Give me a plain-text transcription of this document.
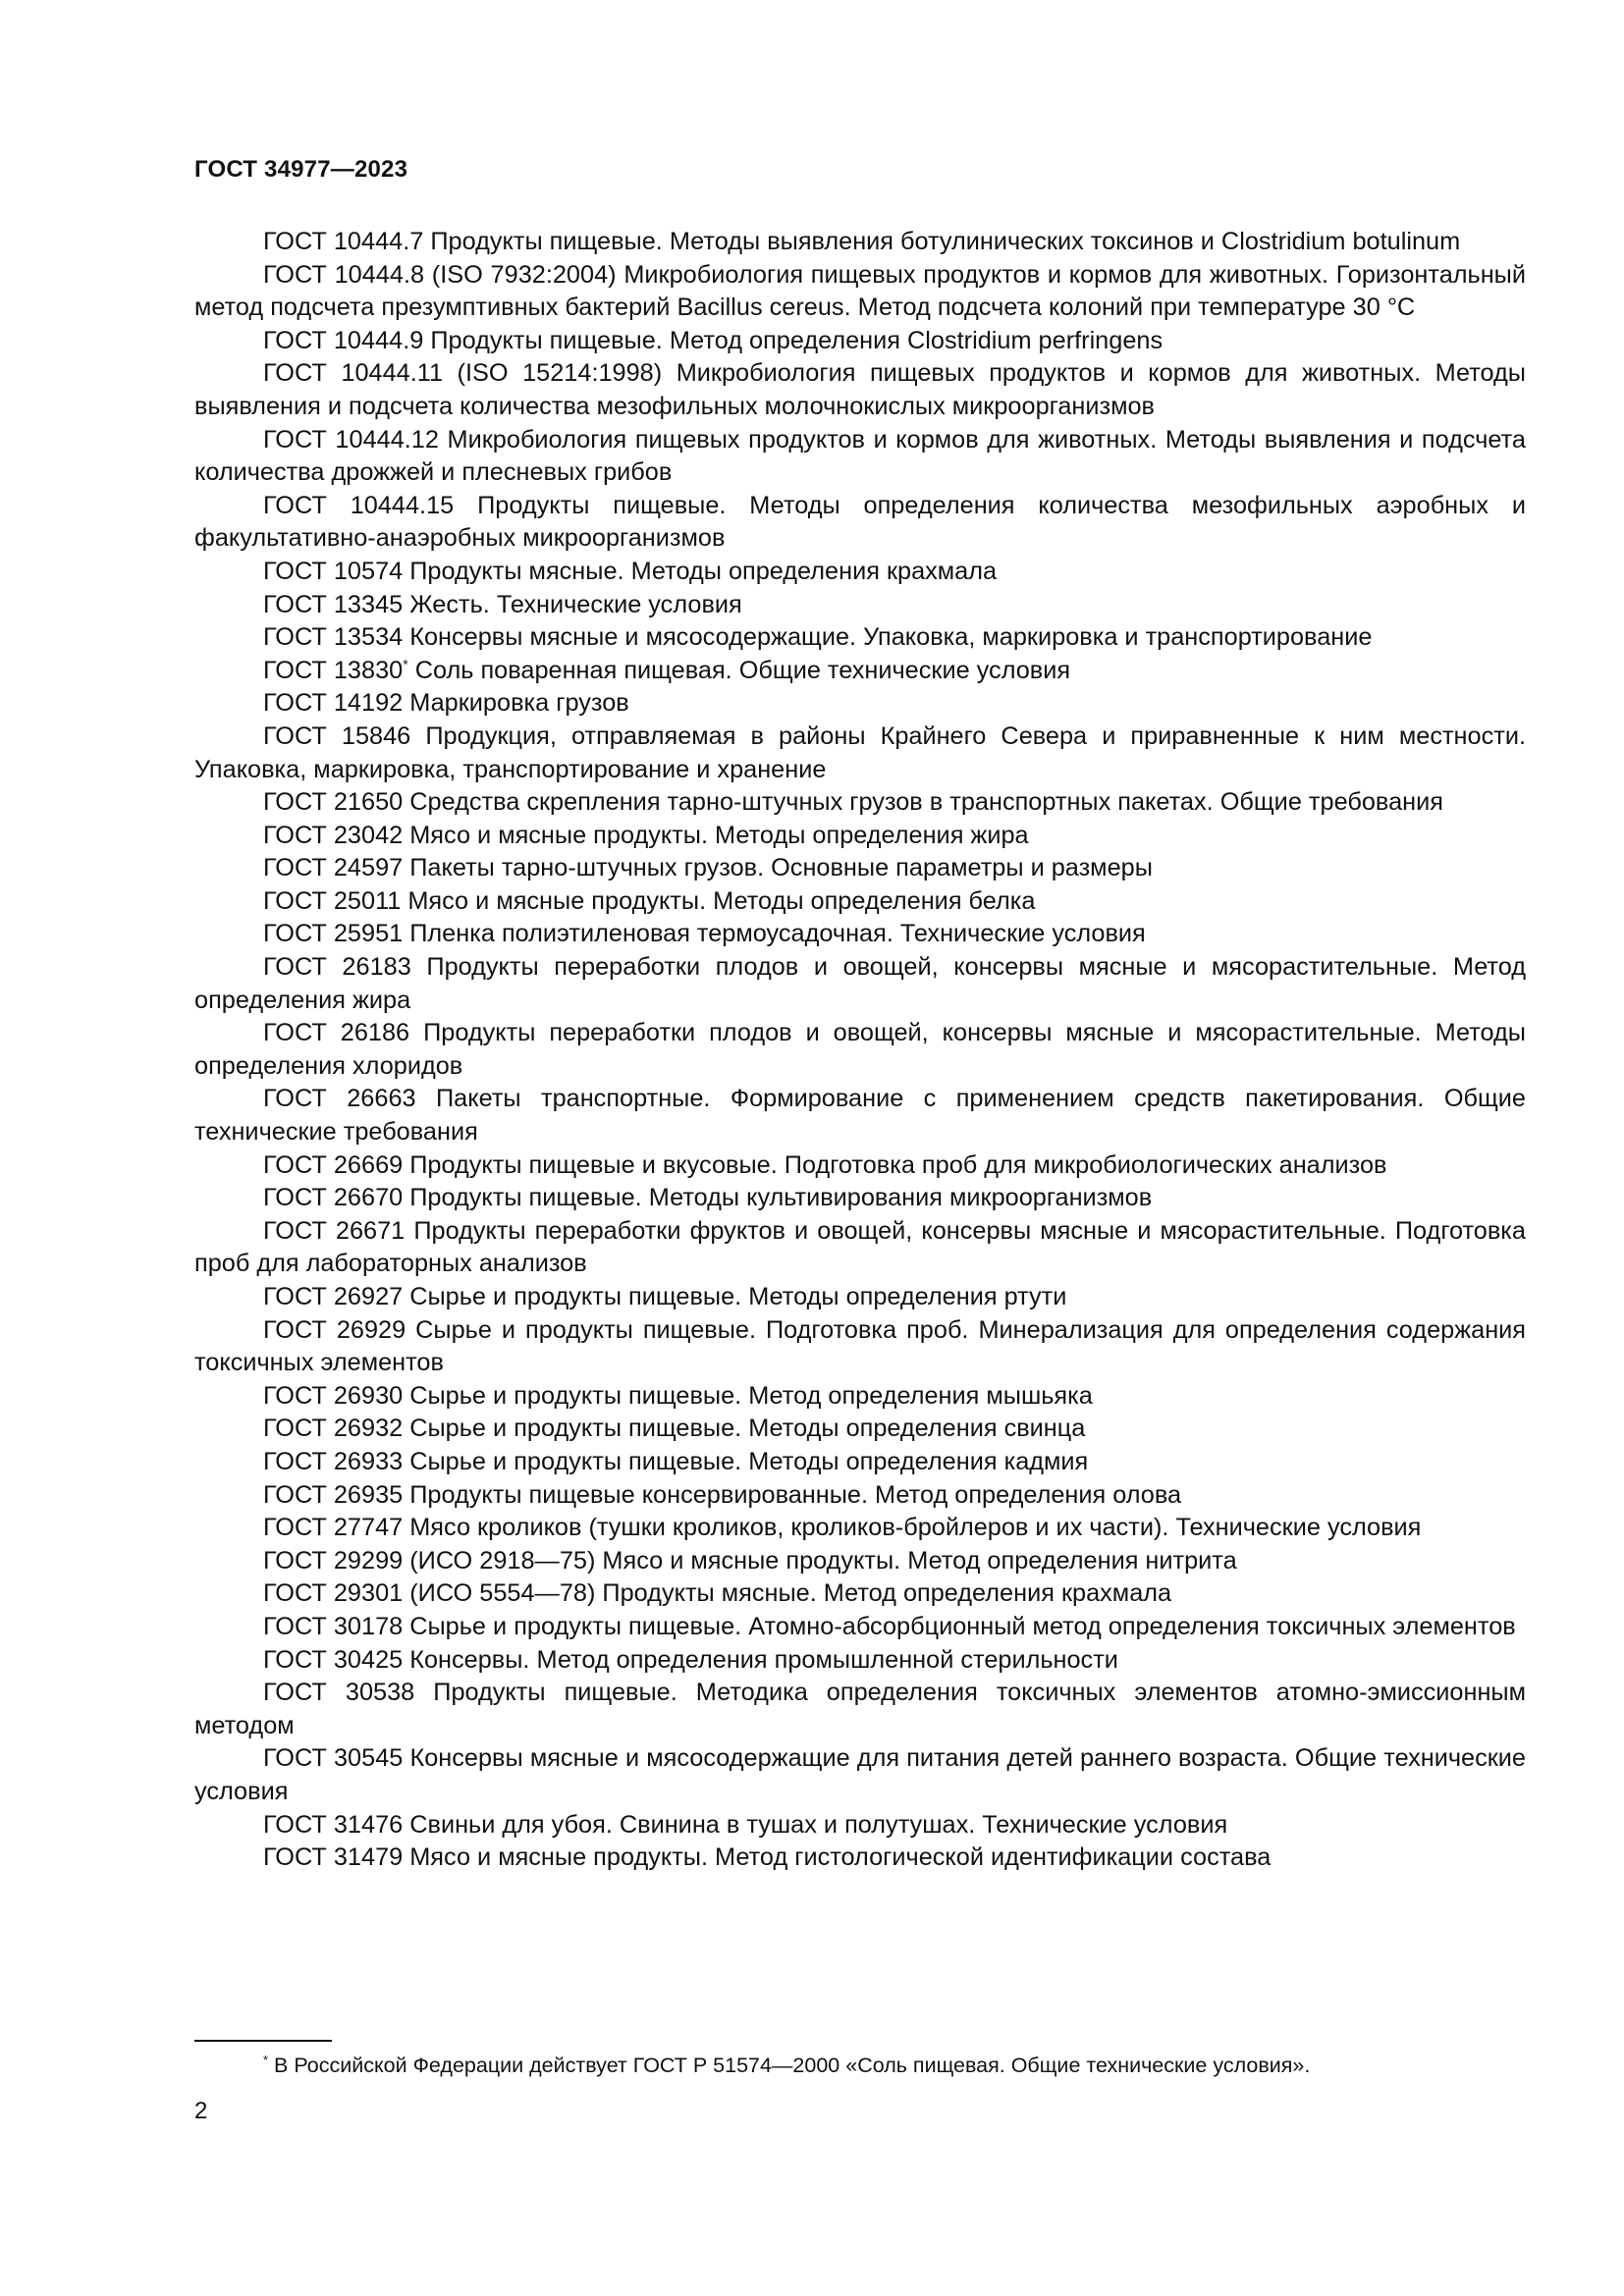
ГОСТ 34977—2023

ГОСТ 10444.7 Продукты пищевые. Методы выявления ботулинических токсинов и Clostridium botulinum

ГОСТ 10444.8 (ISO 7932:2004) Микробиология пищевых продуктов и кормов для животных. Горизонтальный метод подсчета презумптивных бактерий Bacillus cereus. Метод подсчета колоний при температуре 30 °С

ГОСТ 10444.9 Продукты пищевые. Метод определения Clostridium perfringens

ГОСТ 10444.11 (ISO 15214:1998) Микробиология пищевых продуктов и кормов для животных. Методы выявления и подсчета количества мезофильных молочнокислых микроорганизмов

ГОСТ 10444.12 Микробиология пищевых продуктов и кормов для животных. Методы выявления и подсчета количества дрожжей и плесневых грибов

ГОСТ 10444.15 Продукты пищевые. Методы определения количества мезофильных аэробных и факультативно-анаэробных микроорганизмов

ГОСТ 10574 Продукты мясные. Методы определения крахмала

ГОСТ 13345 Жесть. Технические условия

ГОСТ 13534 Консервы мясные и мясосодержащие. Упаковка, маркировка и транспортирование

ГОСТ 13830* Соль поваренная пищевая. Общие технические условия

ГОСТ 14192 Маркировка грузов

ГОСТ 15846 Продукция, отправляемая в районы Крайнего Севера и приравненные к ним местности. Упаковка, маркировка, транспортирование и хранение

ГОСТ 21650 Средства скрепления тарно-штучных грузов в транспортных пакетах. Общие требования

ГОСТ 23042 Мясо и мясные продукты. Методы определения жира

ГОСТ 24597 Пакеты тарно-штучных грузов. Основные параметры и размеры

ГОСТ 25011 Мясо и мясные продукты. Методы определения белка

ГОСТ 25951 Пленка полиэтиленовая термоусадочная. Технические условия

ГОСТ 26183 Продукты переработки плодов и овощей, консервы мясные и мясорастительные. Метод определения жира

ГОСТ 26186 Продукты переработки плодов и овощей, консервы мясные и мясорастительные. Методы определения хлоридов

ГОСТ 26663 Пакеты транспортные. Формирование с применением средств пакетирования. Общие технические требования

ГОСТ 26669 Продукты пищевые и вкусовые. Подготовка проб для микробиологических анализов

ГОСТ 26670 Продукты пищевые. Методы культивирования микроорганизмов

ГОСТ 26671 Продукты переработки фруктов и овощей, консервы мясные и мясорастительные. Подготовка проб для лабораторных анализов

ГОСТ 26927 Сырье и продукты пищевые. Методы определения ртути

ГОСТ 26929 Сырье и продукты пищевые. Подготовка проб. Минерализация для определения содержания токсичных элементов

ГОСТ 26930 Сырье и продукты пищевые. Метод определения мышьяка

ГОСТ 26932 Сырье и продукты пищевые. Методы определения свинца

ГОСТ 26933 Сырье и продукты пищевые. Методы определения кадмия

ГОСТ 26935 Продукты пищевые консервированные. Метод определения олова

ГОСТ 27747 Мясо кроликов (тушки кроликов, кроликов-бройлеров и их части). Технические условия

ГОСТ 29299 (ИСО 2918—75) Мясо и мясные продукты. Метод определения нитрита

ГОСТ 29301 (ИСО 5554—78) Продукты мясные. Метод определения крахмала

ГОСТ 30178 Сырье и продукты пищевые. Атомно-абсорбционный метод определения токсичных элементов

ГОСТ 30425 Консервы. Метод определения промышленной стерильности

ГОСТ 30538 Продукты пищевые. Методика определения токсичных элементов атомно-эмиссионным методом

ГОСТ 30545 Консервы мясные и мясосодержащие для питания детей раннего возраста. Общие технические условия

ГОСТ 31476 Свиньи для убоя. Свинина в тушах и полутушах. Технические условия

ГОСТ 31479 Мясо и мясные продукты. Метод гистологической идентификации состава

* В Российской Федерации действует ГОСТ Р 51574—2000 «Соль пищевая. Общие технические условия».
2
